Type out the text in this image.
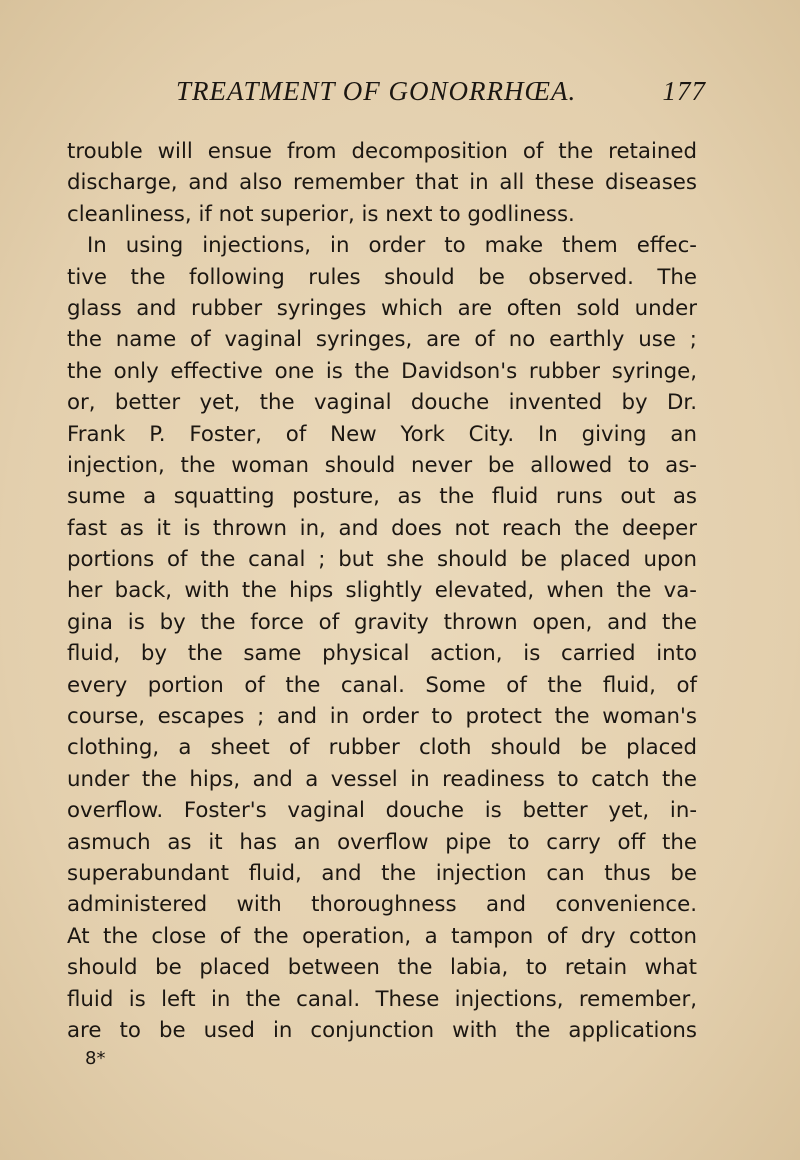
TREATMENT OF GONORRHŒA.	177
trouble will ensue from decomposition of the retained
discharge, and also remember that in all these diseases
cleanliness, if not superior, is next to godliness.
In using injections, in order to make them effec-
tive the following rules should be observed. The
glass and rubber syringes which are often sold under
the name of vaginal syringes, are of no earthly use ;
the only effective one is the Davidson's rubber syringe,
or, better yet, the vaginal douche invented by Dr.
Frank P. Foster, of New York City. In giving an
injection, the woman should never be allowed to as-
sume a squatting posture, as the fluid runs out as
fast as it is thrown in, and does not reach the deeper
portions of the canal ; but she should be placed upon
her back, with the hips slightly elevated, when the va-
gina is by the force of gravity thrown open, and the
fluid, by the same physical action, is carried into
every portion of the canal. Some of the fluid, of
course, escapes ; and in order to protect the woman's
clothing, a sheet of rubber cloth should be placed
under the hips, and a vessel in readiness to catch the
overflow. Foster's vaginal douche is better yet, in-
asmuch as it has an overflow pipe to carry off the
superabundant fluid, and the injection can thus be
administered with thoroughness and convenience.
At the close of the operation, a tampon of dry cotton
should be placed between the labia, to retain what
fluid is left in the canal. These injections, remember,
are to be used in conjunction with the applications
8*
